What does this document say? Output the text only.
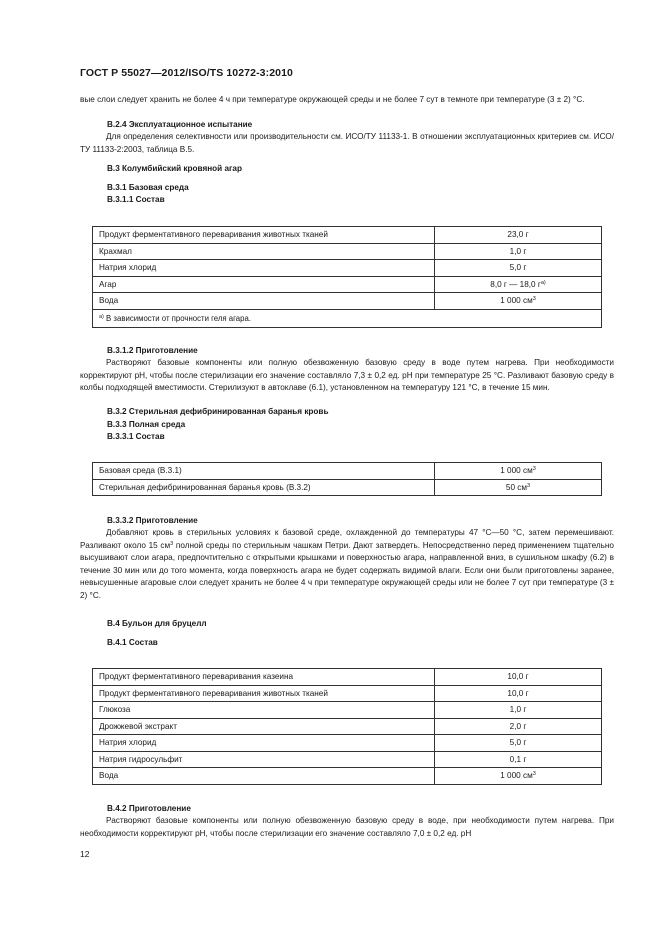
ГОСТ Р 55027—2012/ISO/TS 10272-3:2010
вые слои следует хранить не более 4 ч при температуре окружающей среды и не более 7 сут в темноте при температуре (3 ± 2) °С.
В.2.4 Эксплуатационное испытание
Для определения селективности или производительности см. ИСО/ТУ 11133-1. В отношении эксплуатационных критериев см. ИСО/ТУ 11133-2:2003, таблица В.5.
В.3 Колумбийский кровяной агар
В.3.1 Базовая среда
В.3.1.1 Состав
Продукт ферментативного переваривания животных тканей	23,0 г
Крахмал	1,0 г
Натрия хлорид	5,0 г
Агар	8,0 г — 18,0 $г^{а)}$
Вода	1 000 $см^3$
$^{а)}$ В зависимости от прочности геля агара.	
В.3.1.2 Приготовление
Растворяют базовые компоненты или полную обезвоженную базовую среду в воде путем нагрева. При необходимости корректируют pH, чтобы после стерилизации его значение составляло 7,3 ± 0,2 ед. pH при температуре 25 °С. Разливают базовую среду в колбы подходящей вместимости. Стерилизуют в автоклаве (6.1), установленном на температуру 121 °С, в течение 15 мин.
В.3.2 Стерильная дефибринированная баранья кровь
В.3.3 Полная среда
В.3.3.1 Состав
Базовая среда (В.3.1)	1 000 $см^3$
Стерильная дефибринированная баранья кровь (В.3.2)	50 $см^3$
В.3.3.2 Приготовление
Добавляют кровь в стерильных условиях к базовой среде, охлажденной до температуры 47 °С—50 °С, затем перемешивают. Разливают около 15 $см^3$ полной среды по стерильным чашкам Петри. Дают затвердеть. Непосредственно перед применением тщательно высушивают слои агара, предпочтительно с открытыми крышками и поверхностью агара, направленной вниз, в сушильном шкафу (6.2) в течение 30 мин или до того момента, когда поверхность агара не будет содержать видимой влаги. Если они были приготовлены заранее, невысушенные агаровые слои следует хранить не более 4 ч при температуре окружающей среды или не более 7 сут при температуре (3 ± 2) °С.
В.4 Бульон для бруцелл
В.4.1 Состав
Продукт ферментативного переваривания казеина	10,0 г
Продукт ферментативного переваривания животных тканей	10,0 г
Глюкоза	1,0 г
Дрожжевой экстракт	2,0 г
Натрия хлорид	5,0 г
Натрия гидросульфит	0,1 г
Вода	1 000 $см^3$
В.4.2 Приготовление
Растворяют базовые компоненты или полную обезвоженную базовую среду в воде, при необходимости путем нагрева. При необходимости корректируют pH, чтобы после стерилизации его значение составляло 7,0 ± 0,2 ед. pH
12
